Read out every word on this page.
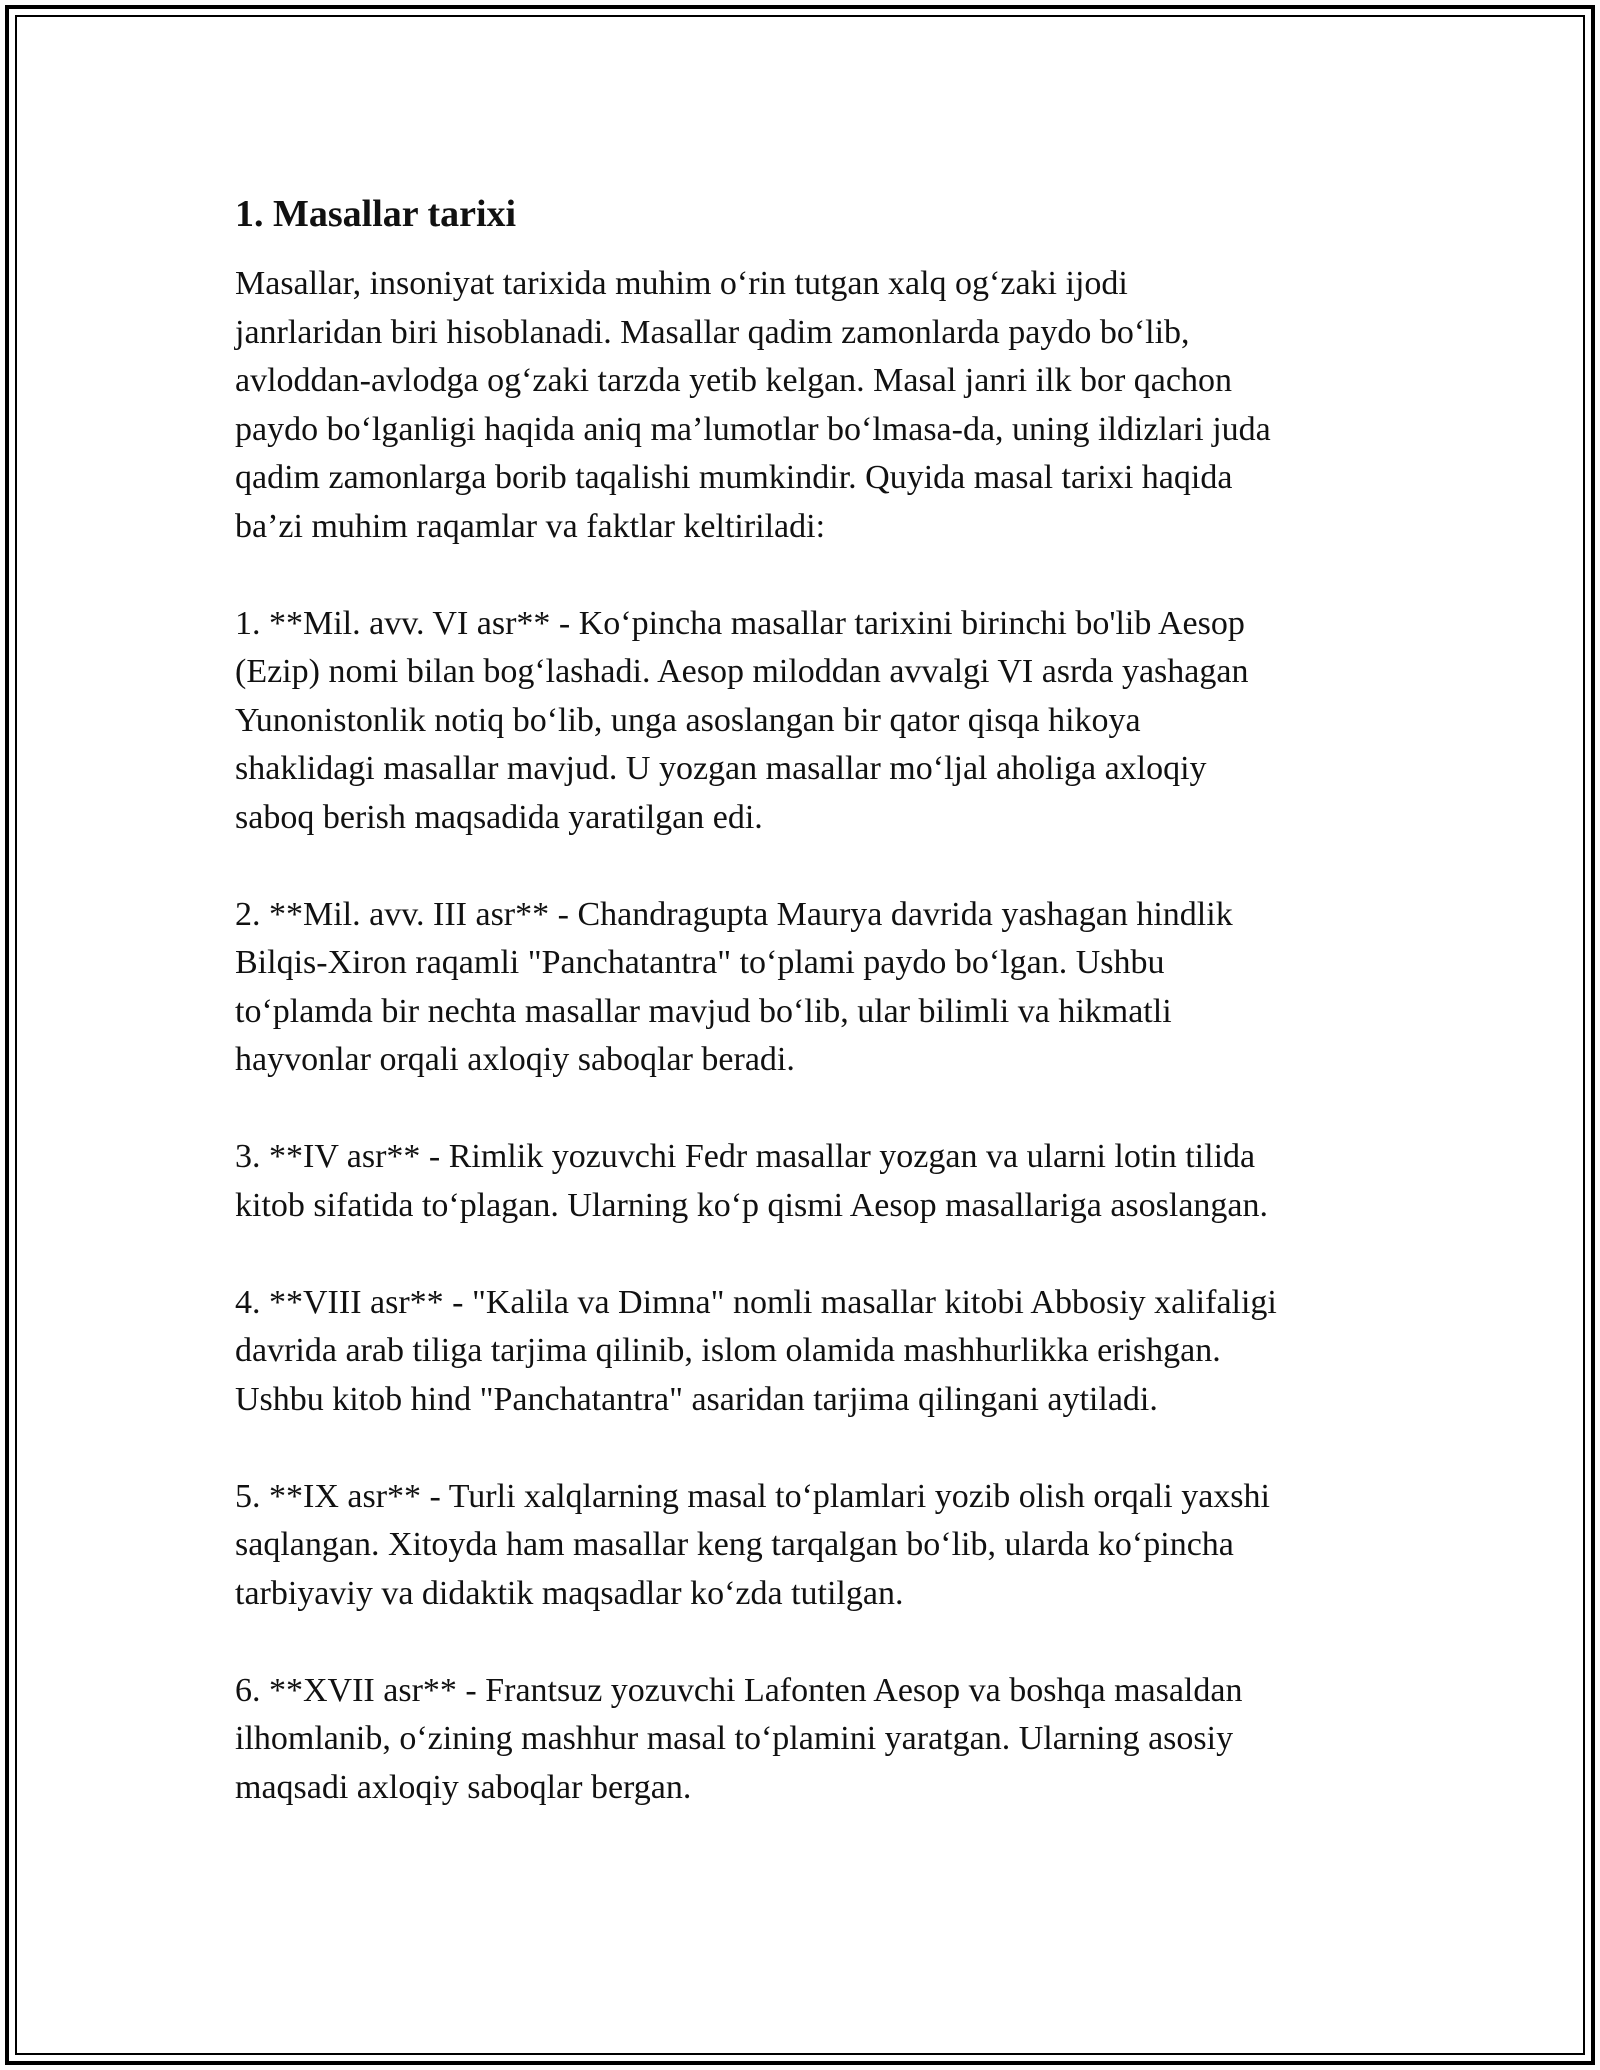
1. Masallar tarixi
Masallar, insoniyat tarixida muhim o‘rin tutgan xalq og‘zaki ijodi
janrlaridan biri hisoblanadi. Masallar qadim zamonlarda paydo bo‘lib,
avloddan-avlodga og‘zaki tarzda yetib kelgan. Masal janri ilk bor qachon
paydo bo‘lganligi haqida aniq ma’lumotlar bo‘lmasa-da, uning ildizlari juda
qadim zamonlarga borib taqalishi mumkindir. Quyida masal tarixi haqida
ba’zi muhim raqamlar va faktlar keltiriladi:
1. **Mil. avv. VI asr** - Ko‘pincha masallar tarixini birinchi bo'lib Aesop
(Ezip) nomi bilan bog‘lashadi. Aesop miloddan avvalgi VI asrda yashagan
Yunonistonlik notiq bo‘lib, unga asoslangan bir qator qisqa hikoya
shaklidagi masallar mavjud. U yozgan masallar mo‘ljal aholiga axloqiy
saboq berish maqsadida yaratilgan edi.
2. **Mil. avv. III asr** - Chandragupta Maurya davrida yashagan hindlik
Bilqis-Xiron raqamli "Panchatantra" to‘plami paydo bo‘lgan. Ushbu
to‘plamda bir nechta masallar mavjud bo‘lib, ular bilimli va hikmatli
hayvonlar orqali axloqiy saboqlar beradi.
3. **IV asr** - Rimlik yozuvchi Fedr masallar yozgan va ularni lotin tilida
kitob sifatida to‘plagan. Ularning ko‘p qismi Aesop masallariga asoslangan.
4. **VIII asr** - "Kalila va Dimna" nomli masallar kitobi Abbosiy xalifaligi
davrida arab tiliga tarjima qilinib, islom olamida mashhurlikka erishgan.
Ushbu kitob hind "Panchatantra" asaridan tarjima qilingani aytiladi.
5. **IX asr** - Turli xalqlarning masal to‘plamlari yozib olish orqali yaxshi
saqlangan. Xitoyda ham masallar keng tarqalgan bo‘lib, ularda ko‘pincha
tarbiyaviy va didaktik maqsadlar ko‘zda tutilgan.
6. **XVII asr** - Frantsuz yozuvchi Lafonten Aesop va boshqa masaldan
ilhomlanib, o‘zining mashhur masal to‘plamini yaratgan. Ularning asosiy
maqsadi axloqiy saboqlar bergan.
